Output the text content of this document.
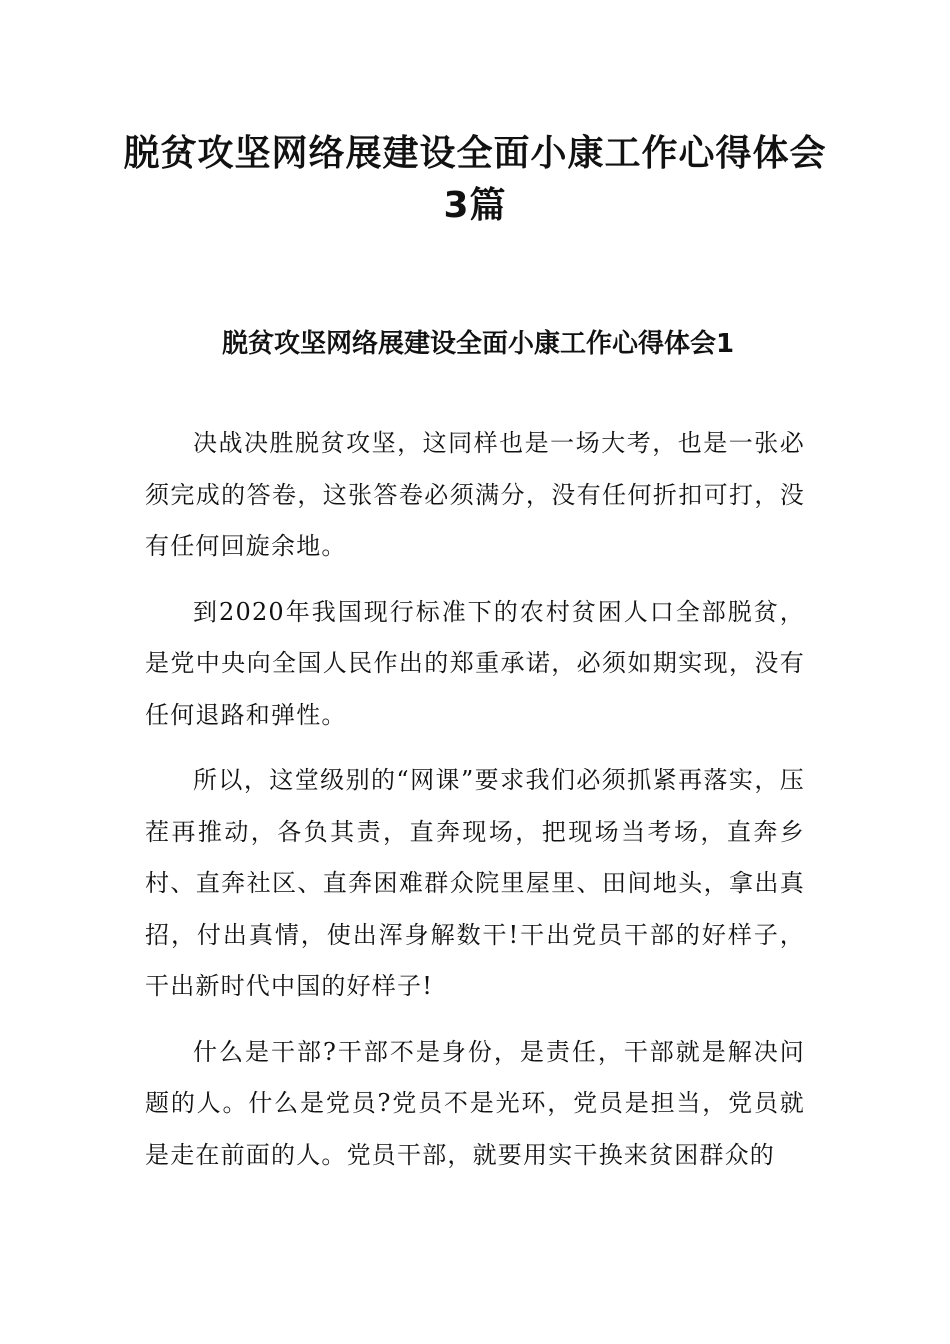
脱贫攻坚网络展建设全面小康工作心得体会3篇
脱贫攻坚网络展建设全面小康工作心得体会1

决战决胜脱贫攻坚，这同样也是一场大考，也是一张必须完成的答卷，这张答卷必须满分，没有任何折扣可打，没有任何回旋余地。

到2020年我国现行标准下的农村贫困人口全部脱贫，是党中央向全国人民作出的郑重承诺，必须如期实现，没有任何退路和弹性。

所以，这堂级别的“网课”要求我们必须抓紧再落实，压茬再推动，各负其责，直奔现场，把现场当考场，直奔乡村、直奔社区、直奔困难群众院里屋里、田间地头，拿出真招，付出真情，使出浑身解数干!干出党员干部的好样子，干出新时代中国的好样子!

什么是干部?干部不是身份，是责任，干部就是解决问题的人。什么是党员?党员不是光环，党员是担当，党员就是走在前面的人。党员干部，就要用实干换来贫困群众的
